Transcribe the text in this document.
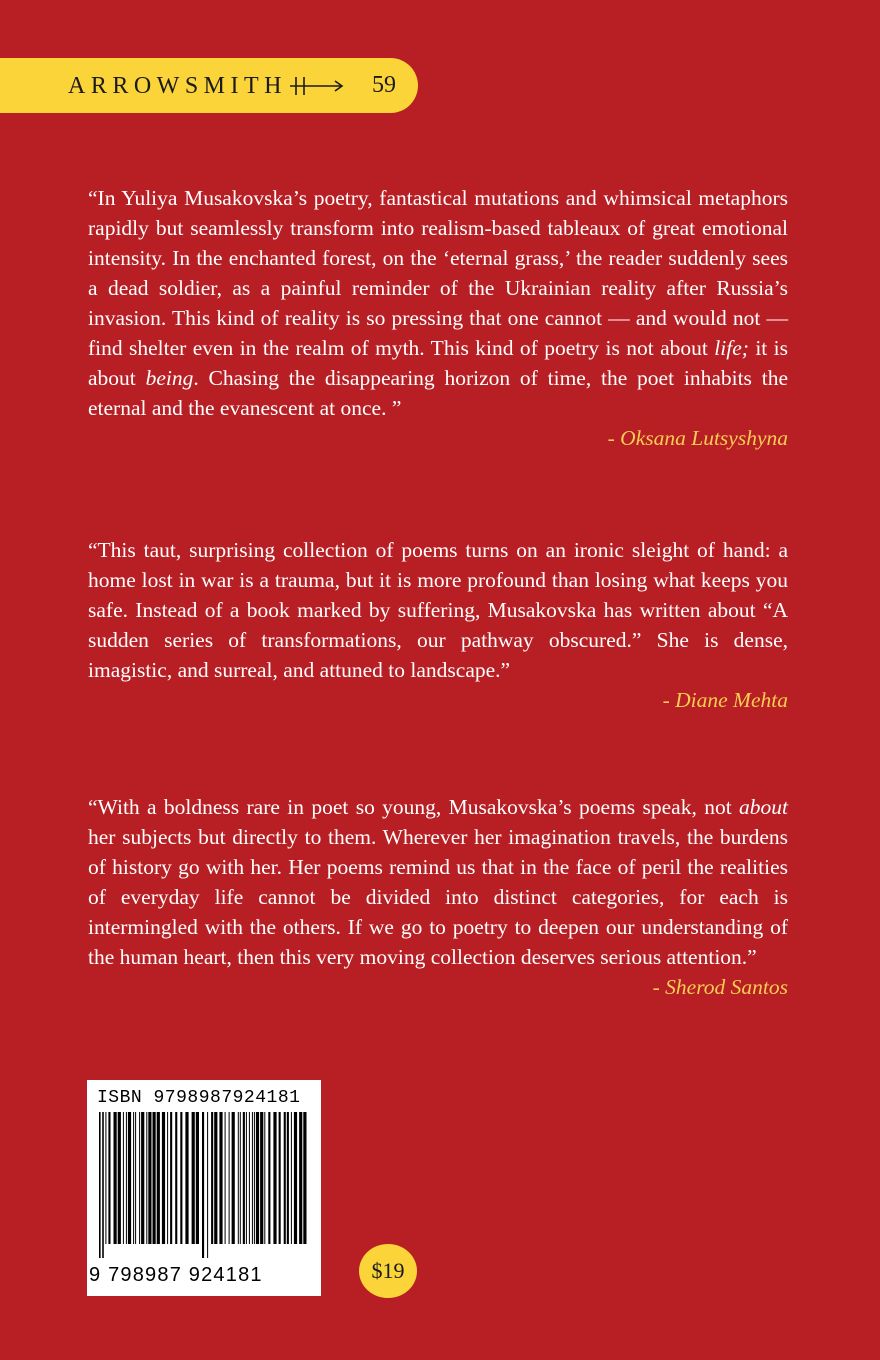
ARROWSMITH	59

“In Yuliya Musakovska’s poetry, fantastical mutations and whimsical metaphors rapidly but seamlessly transform into realism-based tableaux of great emotional intensity. In the enchanted forest, on the ‘eternal grass,’ the reader suddenly sees a dead soldier, as a painful reminder of the Ukrainian reality after Russia’s invasion. This kind of reality is so pressing that one cannot — and would not — find shelter even in the realm of myth. This kind of poetry is not about life; it is about being. Chasing the disappearing horizon of time, the poet inhabits the eternal and the evanescent at once. ”

- Oksana Lutsyshyna

“This taut, surprising collection of poems turns on an ironic sleight of hand: a home lost in war is a trauma, but it is more profound than losing what keeps you safe. Instead of a book marked by suffering, Musakovska has written about “A sudden series of transformations, our pathway obscured.” She is dense, imagistic, and surreal, and attuned to landscape.”

- Diane Mehta

“With a boldness rare in poet so young, Musakovska’s poems speak, not about her subjects but directly to them. Wherever her imagination travels, the burdens of history go with her. Her poems remind us that in the face of peril the realities of everyday life cannot be divided into distinct categories, for each is intermingled with the others. If we go to poetry to deepen our understanding of the human heart, then this very moving collection deserves serious attention.”

- Sherod Santos
ISBN 9798987924181
9 798987 924181	$19
